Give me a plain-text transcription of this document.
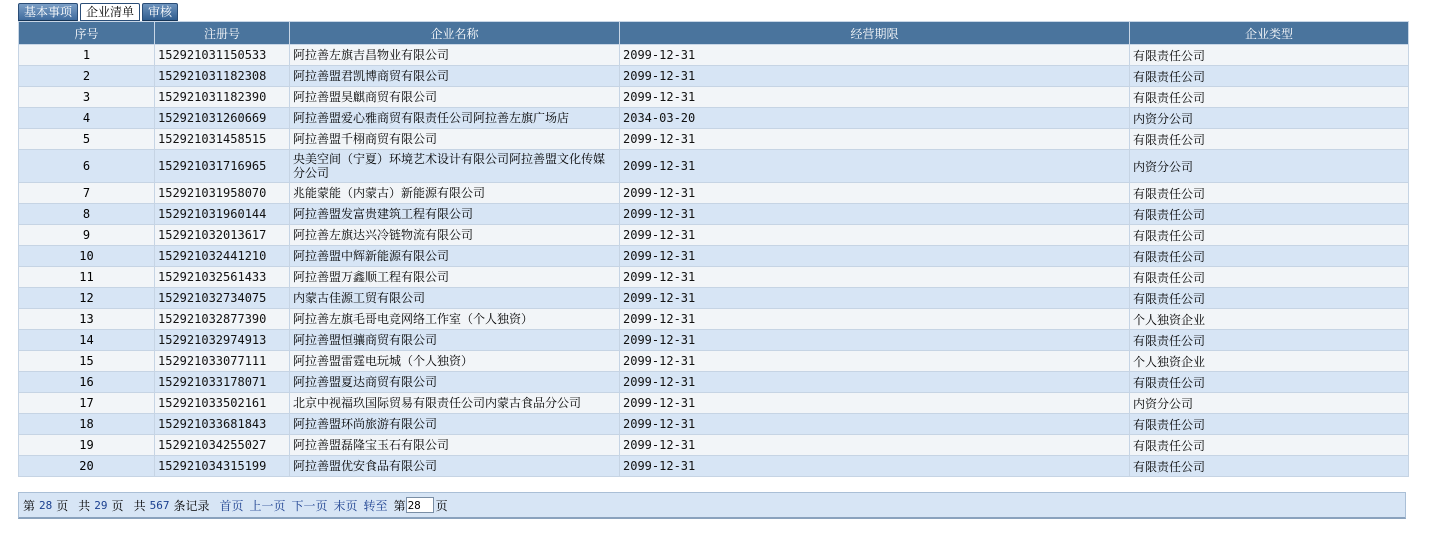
基本事项	企业清单	审核
序号	注册号	企业名称	经营期限	企业类型
1	152921031150533	阿拉善左旗吉昌物业有限公司	2099-12-31	有限责任公司
2	152921031182308	阿拉善盟君凯博商贸有限公司	2099-12-31	有限责任公司
3	152921031182390	阿拉善盟昊麒商贸有限公司	2099-12-31	有限责任公司
4	152921031260669	阿拉善盟爱心雅商贸有限责任公司阿拉善左旗广场店	2034-03-20	内资分公司
5	152921031458515	阿拉善盟千栩商贸有限公司	2099-12-31	有限责任公司
6	152921031716965	央美空间（宁夏）环境艺术设计有限公司阿拉善盟文化传媒分公司	2099-12-31	内资分公司
7	152921031958070	兆能蒙能（内蒙古）新能源有限公司	2099-12-31	有限责任公司
8	152921031960144	阿拉善盟发富贵建筑工程有限公司	2099-12-31	有限责任公司
9	152921032013617	阿拉善左旗达兴冷链物流有限公司	2099-12-31	有限责任公司
10	152921032441210	阿拉善盟中辉新能源有限公司	2099-12-31	有限责任公司
11	152921032561433	阿拉善盟万鑫顺工程有限公司	2099-12-31	有限责任公司
12	152921032734075	内蒙古佳源工贸有限公司	2099-12-31	有限责任公司
13	152921032877390	阿拉善左旗毛哥电竞网络工作室（个人独资）	2099-12-31	个人独资企业
14	152921032974913	阿拉善盟恒骧商贸有限公司	2099-12-31	有限责任公司
15	152921033077111	阿拉善盟雷霆电玩城（个人独资）	2099-12-31	个人独资企业
16	152921033178071	阿拉善盟夏达商贸有限公司	2099-12-31	有限责任公司
17	152921033502161	北京中视福玖国际贸易有限责任公司内蒙古食品分公司	2099-12-31	内资分公司
18	152921033681843	阿拉善盟环尚旅游有限公司	2099-12-31	有限责任公司
19	152921034255027	阿拉善盟磊隆宝玉石有限公司	2099-12-31	有限责任公司
20	152921034315199	阿拉善盟优安食品有限公司	2099-12-31	有限责任公司
第 28 页 共 29 页 共 567 条记录 首页 上一页 下一页 末页 转至 第
28	页
